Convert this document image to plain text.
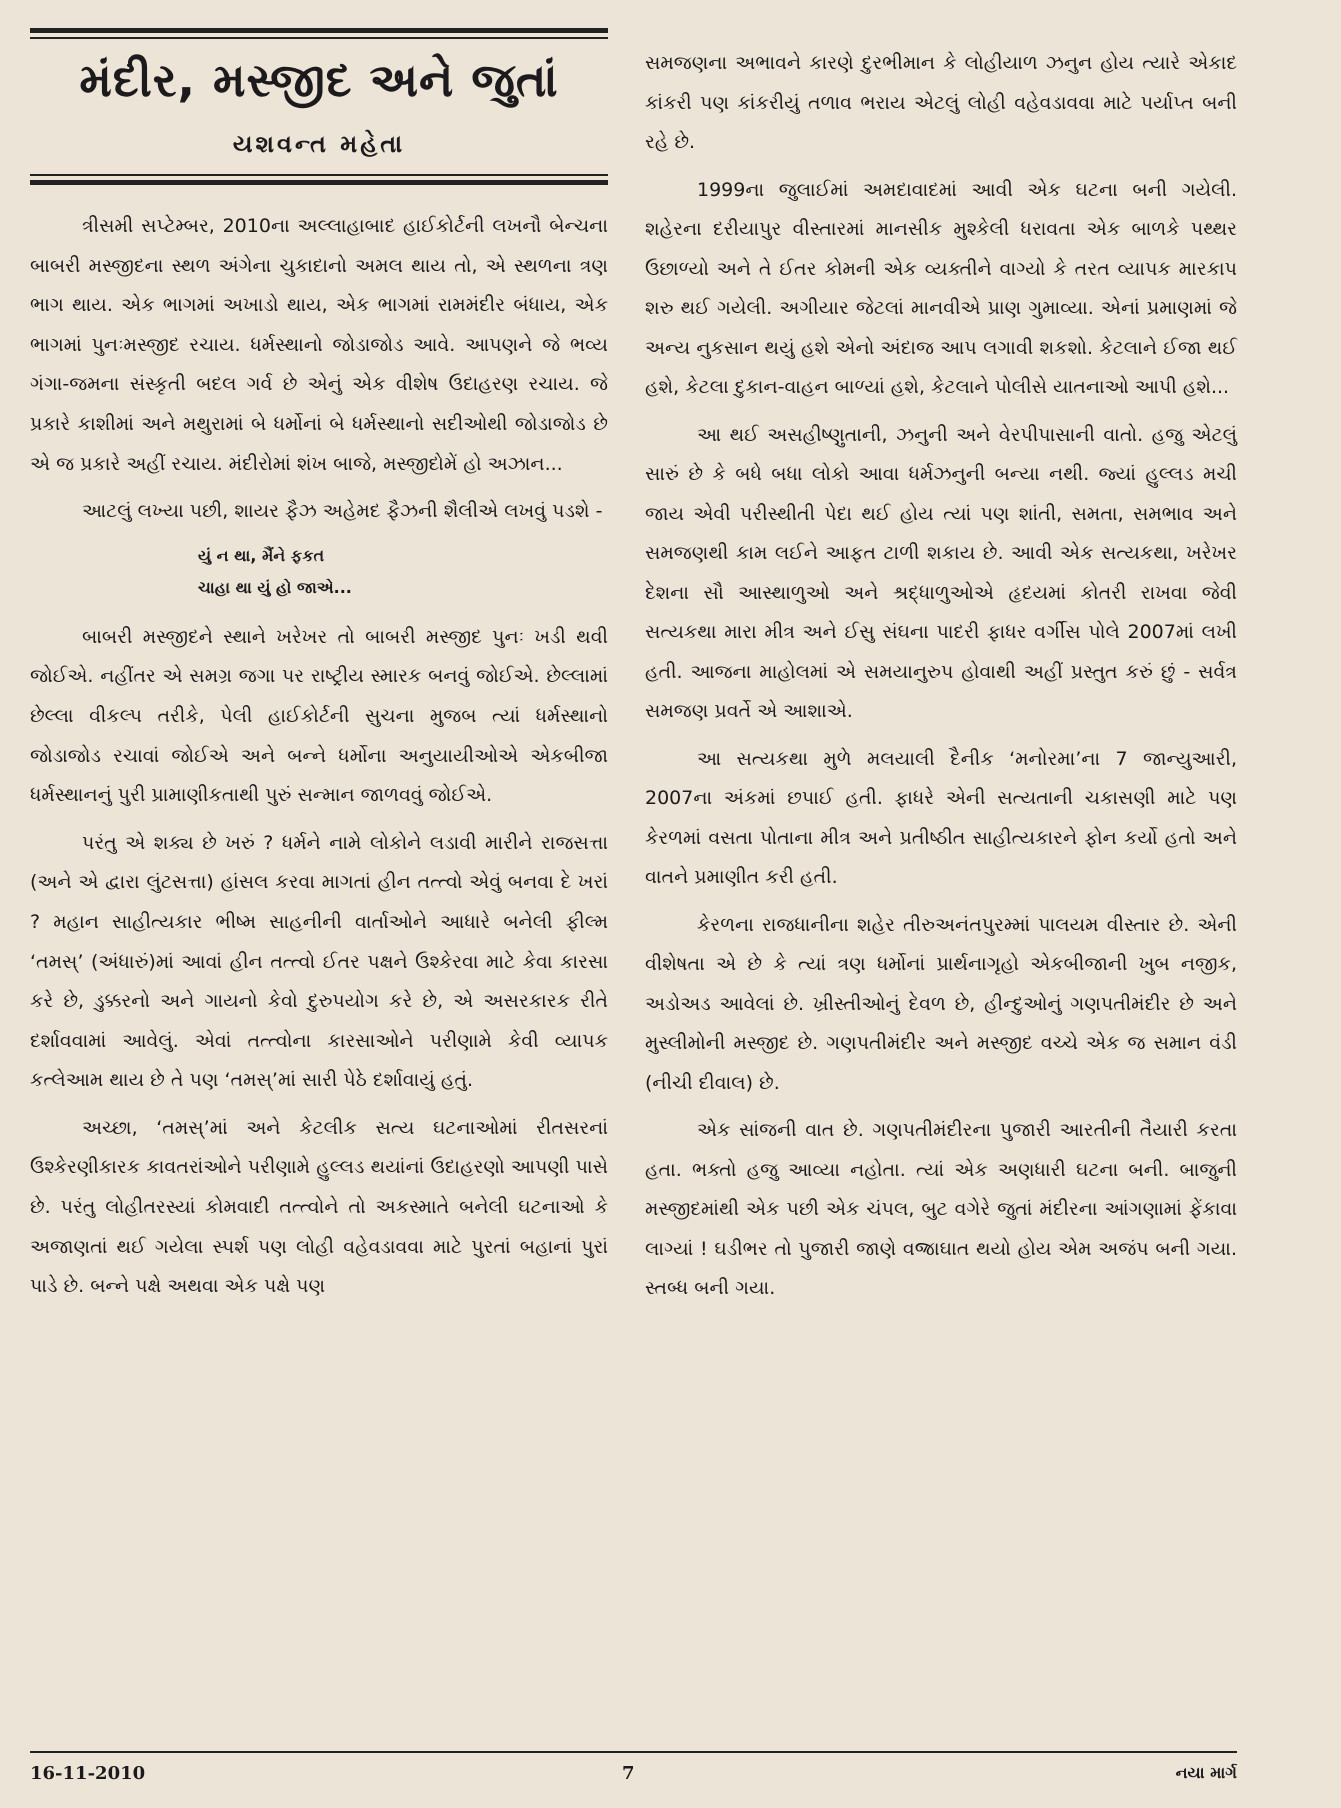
મંદીર, મસ્જીદ અને જુતાં
યશવન્ત મહેતા

ત્રીસમી સપ્ટેમ્બર, 2010ના અલ્લાહાબાદ હાઈકોર્ટની લખનૌ બેન્ચના બાબરી મસ્જીદના સ્થળ અંગેના ચુકાદાનો અમલ થાય તો, એ સ્થળના ત્રણ ભાગ થાય. એક ભાગમાં અખાડો થાય, એક ભાગમાં રામમંદીર બંધાય, એક ભાગમાં પુનઃમસ્જીદ રચાય. ધર્મસ્થાનો જોડાજોડ આવે. આપણને જે ભવ્ય ગંગા-જમના સંસ્કૃતી બદલ ગર્વ છે એનું એક વીશેષ ઉદાહરણ રચાય. જે પ્રકારે કાશીમાં અને મથુરામાં બે ધર્મોનાં બે ધર્મસ્થાનો સદીઓથી જોડાજોડ છે એ જ પ્રકારે અહીં રચાય. મંદીરોમાં શંખ બાજે, મસ્જીદોમેં હો અઝાન...

આટલું લખ્યા પછી, શાયર ફૈઝ અહેમદ ફૈઝની શૈલીએ લખવું પડશે -

યું ન થા, મૈંને ફકત
ચાહા થા યું હો જાએ...

બાબરી મસ્જીદને સ્થાને ખરેખર તો બાબરી મસ્જીદ પુનઃ ખડી થવી જોઈએ. નહીંતર એ સમગ્ર જગા પર રાષ્ટ્રીય સ્મારક બનવું જોઈએ. છેલ્લામાં છેલ્લા વીકલ્પ તરીકે, પેલી હાઈકોર્ટની સુચના મુજબ ત્યાં ધર્મસ્થાનો જોડાજોડ રચાવાં જોઈએ અને બન્ને ધર્મોના અનુયાયીઓએ એકબીજા ધર્મસ્થાનનું પુરી પ્રામાણીકતાથી પુરું સન્માન જાળવવું જોઈએ.

પરંતુ એ શક્ય છે ખરું ? ધર્મને નામે લોકોને લડાવી મારીને રાજસત્તા (અને એ દ્વારા લુંટસત્તા) હાંસલ કરવા માગતાં હીન તત્ત્વો એવું બનવા દે ખરાં ? મહાન સાહીત્યકાર ભીષ્મ સાહનીની વાર્તાઓને આધારે બનેલી ફીલ્મ ‘તમસ્’ (અંધારું)માં આવાં હીન તત્ત્વો ઈતર પક્ષને ઉશ્કેરવા માટે કેવા કારસા કરે છે, ડુક્કરનો અને ગાયનો કેવો દુરુપયોગ કરે છે, એ અસરકારક રીતે દર્શાવવામાં આવેલું. એવાં તત્ત્વોના કારસાઓને પરીણામે કેવી વ્યાપક કત્લેઆમ થાય છે તે પણ ‘તમસ્’માં સારી પેઠે દર્શાવાયું હતું.

અચ્છા, ‘તમસ્’માં અને કેટલીક સત્ય ઘટનાઓમાં રીતસરનાં ઉશ્કેરણીકારક કાવતરાંઓને પરીણામે હુલ્લડ થયાંનાં ઉદાહરણો આપણી પાસે છે. પરંતુ લોહીતરસ્યાં કોમવાદી તત્ત્વોને તો અકસ્માતે બનેલી ઘટનાઓ કે અજાણતાં થઈ ગયેલા સ્પર્શ પણ લોહી વહેવડાવવા માટે પુરતાં બહાનાં પુરાં પાડે છે. બન્ને પક્ષે અથવા એક પક્ષે પણ

સમજણના અભાવને કારણે દુરભીમાન કે લોહીયાળ ઝનુન હોય ત્યારે એકાદ કાંકરી પણ કાંકરીયું તળાવ ભરાય એટલું લોહી વહેવડાવવા માટે પર્યાપ્ત બની રહે છે.

1999ના જુલાઈમાં અમદાવાદમાં આવી એક ઘટના બની ગયેલી. શહેરના દરીયાપુર વીસ્તારમાં માનસીક મુશ્કેલી ધરાવતા એક બાળકે પથ્થર ઉછાળ્યો અને તે ઈતર કોમની એક વ્યક્તીને વાગ્યો કે તરત વ્યાપક મારકાપ શરુ થઈ ગયેલી. અગીયાર જેટલાં માનવીએ પ્રાણ ગુમાવ્યા. એનાં પ્રમાણમાં જે અન્ય નુકસાન થયું હશે એનો અંદાજ આપ લગાવી શકશો. કેટલાને ઈજા થઈ હશે, કેટલા દુકાન-વાહન બાળ્યાં હશે, કેટલાને પોલીસે યાતનાઓ આપી હશે...

આ થઈ અસહીષ્ણુતાની, ઝનુની અને વેરપીપાસાની વાતો. હજુ એટલું સારું છે કે બધે બધા લોકો આવા ધર્મઝનુની બન્યા નથી. જ્યાં હુલ્લડ મચી જાય એવી પરીસ્થીતી પેદા થઈ હોય ત્યાં પણ શાંતી, સમતા, સમભાવ અને સમજણથી કામ લઈને આફત ટાળી શકાય છે. આવી એક સત્યકથા, ખરેખર દેશના સૌ આસ્થાળુઓ અને શ્રદ્ધાળુઓએ હૃદયમાં કોતરી રાખવા જેવી સત્યકથા મારા મીત્ર અને ઈસુ સંઘના પાદરી ફાધર વર્ગીસ પોલે 2007માં લખી હતી. આજના માહોલમાં એ સમયાનુરુપ હોવાથી અહીં પ્રસ્તુત કરું છું - સર્વત્ર સમજણ પ્રવર્તે એ આશાએ.

આ સત્યકથા મુળે મલયાલી દૈનીક ‘મનોરમા’ના 7 જાન્યુઆરી, 2007ના અંકમાં છપાઈ હતી. ફાધરે એની સત્યતાની ચકાસણી માટે પણ કેરળમાં વસતા પોતાના મીત્ર અને પ્રતીષ્ઠીત સાહીત્યકારને ફોન કર્યો હતો અને વાતને પ્રમાણીત કરી હતી.

કેરળના રાજધાનીના શહેર તીરુઅનંતપુરમ્માં પાલયમ વીસ્તાર છે. એની વીશેષતા એ છે કે ત્યાં ત્રણ ધર્મોનાં પ્રાર્થનાગૃહો એકબીજાની ખુબ નજીક, અડોઅડ આવેલાં છે. ખ્રીસ્તીઓનું દેવળ છે, હીન્દુઓનું ગણપતીમંદીર છે અને મુસ્લીમોની મસ્જીદ છે. ગણપતીમંદીર અને મસ્જીદ વચ્ચે એક જ સમાન વંડી (નીચી દીવાલ) છે.

એક સાંજની વાત છે. ગણપતીમંદીરના પુજારી આરતીની તૈયારી કરતા હતા. ભક્તો હજુ આવ્યા નહોતા. ત્યાં એક અણધારી ઘટના બની. બાજુની મસ્જીદમાંથી એક પછી એક ચંપલ, બુટ વગેરે જુતાં મંદીરના આંગણામાં ફેંકાવા લાગ્યાં ! ઘડીભર તો પુજારી જાણે વજ્રાઘાત થયો હોય એમ અજંપ બની ગયા. સ્તબ્ધ બની ગયા.

16-11-2010	7	નયા માર્ગ
